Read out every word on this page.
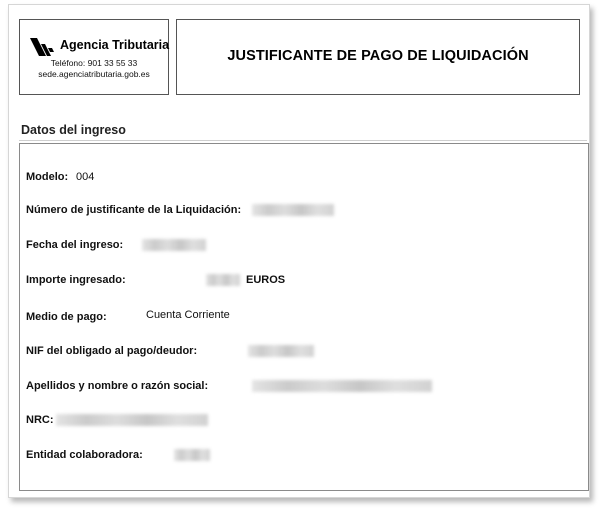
Agencia Tributaria
Teléfono: 901 33 55 33
sede.agenciatributaria.gob.es
JUSTIFICANTE DE PAGO DE LIQUIDACIÓN
Datos del ingreso
Modelo: 004
Número de justificante de la Liquidación:
Fecha del ingreso:
Importe ingresado:	EUROS
Medio de pago:	Cuenta Corriente
NIF del obligado al pago/deudor:
Apellidos y nombre o razón social:
NRC:
Entidad colaboradora:
